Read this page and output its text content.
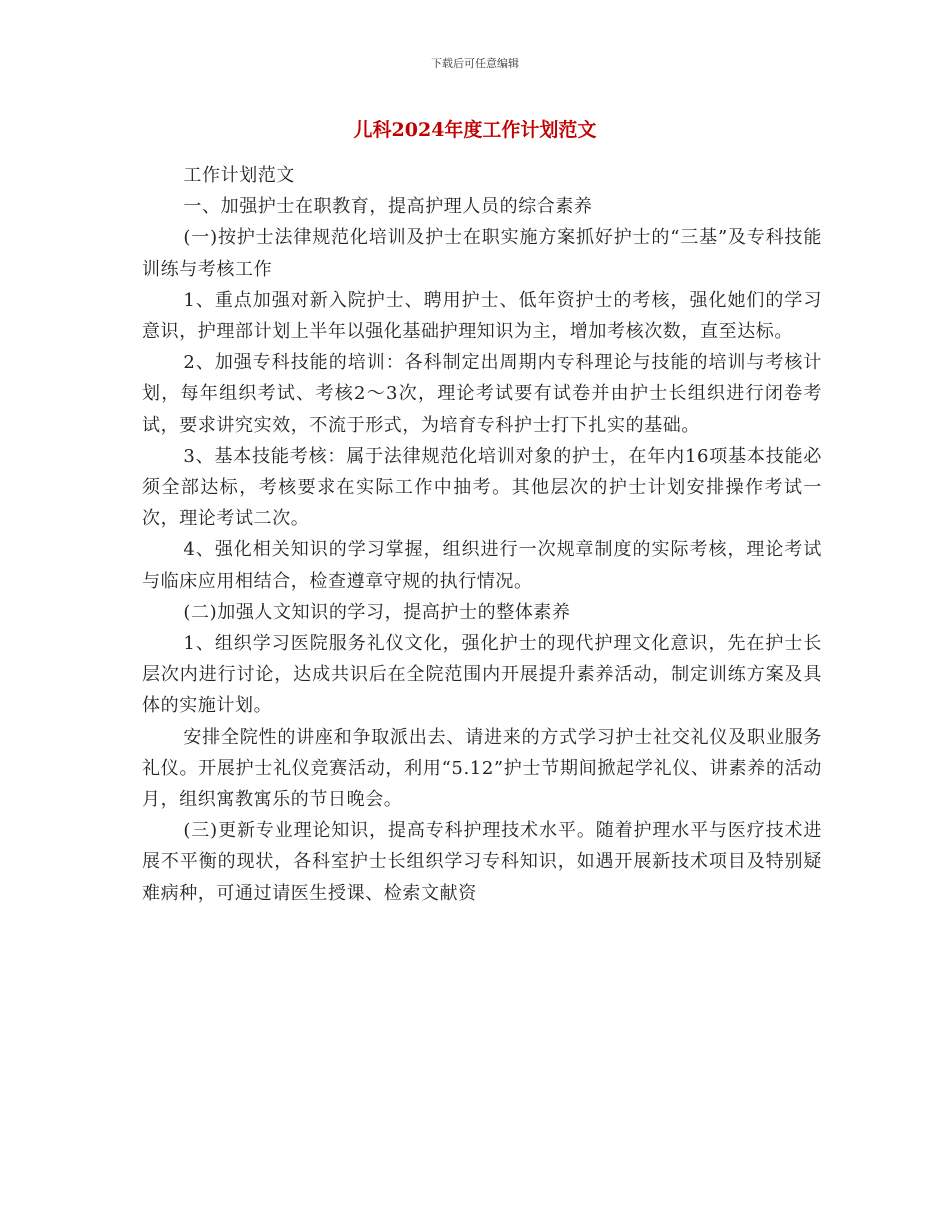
下载后可任意编辑
儿科2024年度工作计划范文

工作计划范文

一、加强护士在职教育，提高护理人员的综合素养

(一)按护士法律规范化培训及护士在职实施方案抓好护士的“三基”及专科技能训练与考核工作

1、重点加强对新入院护士、聘用护士、低年资护士的考核，强化她们的学习意识，护理部计划上半年以强化基础护理知识为主，增加考核次数，直至达标。

2、加强专科技能的培训：各科制定出周期内专科理论与技能的培训与考核计划，每年组织考试、考核2～3次，理论考试要有试卷并由护士长组织进行闭卷考试，要求讲究实效，不流于形式，为培育专科护士打下扎实的基础。

3、基本技能考核：属于法律规范化培训对象的护士，在年内16项基本技能必须全部达标，考核要求在实际工作中抽考。其他层次的护士计划安排操作考试一次，理论考试二次。

4、强化相关知识的学习掌握，组织进行一次规章制度的实际考核，理论考试与临床应用相结合，检查遵章守规的执行情况。

(二)加强人文知识的学习，提高护士的整体素养

1、组织学习医院服务礼仪文化，强化护士的现代护理文化意识，先在护士长层次内进行讨论，达成共识后在全院范围内开展提升素养活动，制定训练方案及具体的实施计划。

安排全院性的讲座和争取派出去、请进来的方式学习护士社交礼仪及职业服务礼仪。开展护士礼仪竞赛活动，利用“5.12”护士节期间掀起学礼仪、讲素养的活动月，组织寓教寓乐的节日晚会。

(三)更新专业理论知识，提高专科护理技术水平。随着护理水平与医疗技术进展不平衡的现状，各科室护士长组织学习专科知识，如遇开展新技术项目及特别疑难病种，可通过请医生授课、检索文献资
